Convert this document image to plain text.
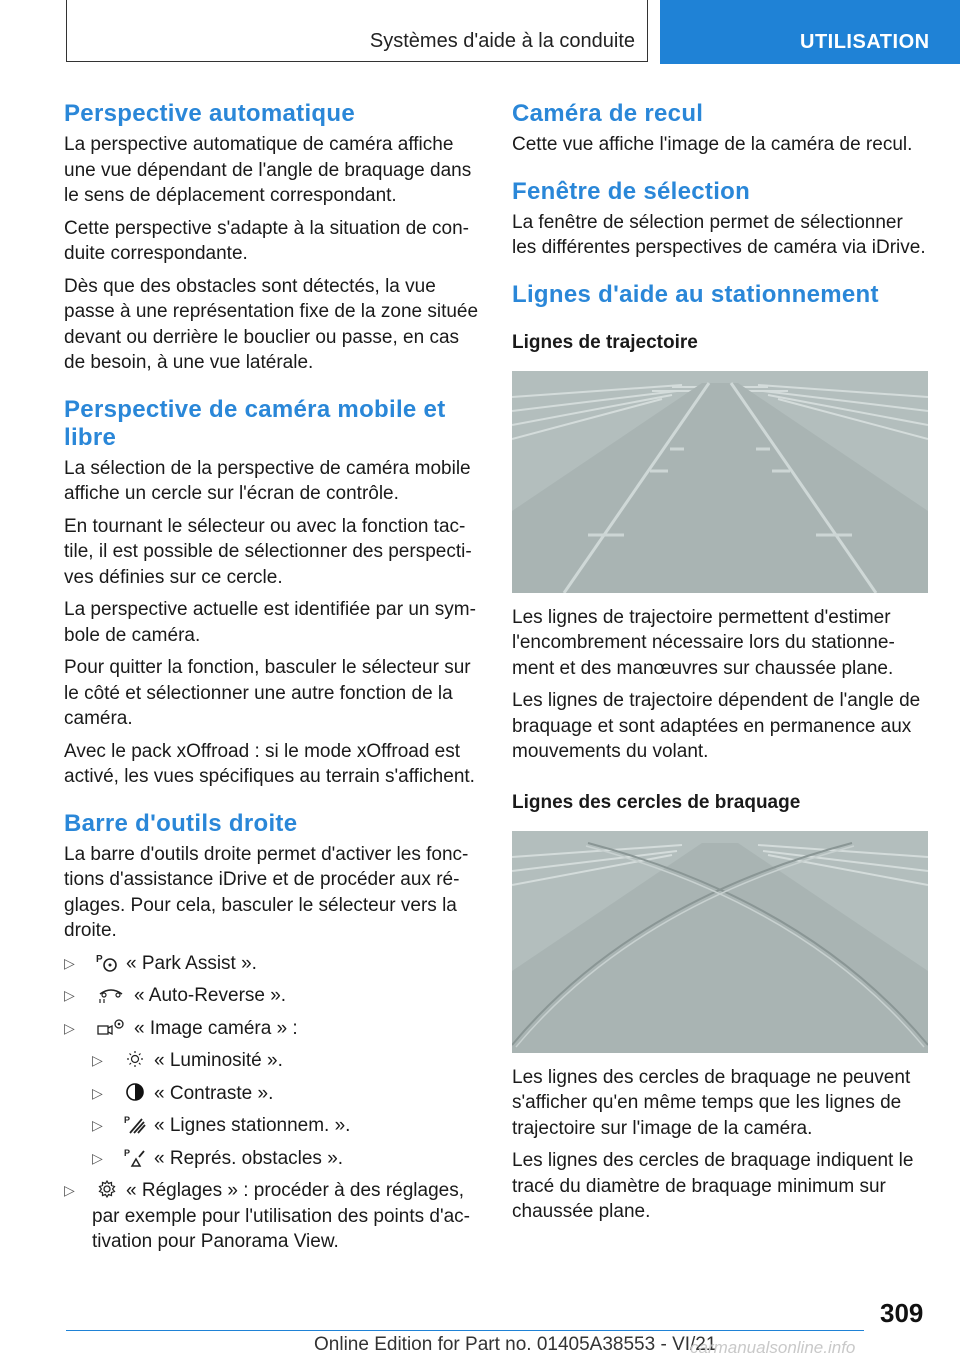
Systèmes d'aide à la conduite	UTILISATION
Perspective automatique

La perspective automatique de caméra affiche une vue dépendant de l'angle de braquage dans le sens de déplacement correspondant.

Cette perspective s'adapte à la situation de conduite correspondante.

Dès que des obstacles sont détectés, la vue passe à une représentation fixe de la zone située devant ou derrière le bouclier ou passe, en cas de besoin, à une vue latérale.

Perspective de caméra mobile et libre

La sélection de la perspective de caméra mobile affiche un cercle sur l'écran de contrôle.

En tournant le sélecteur ou avec la fonction tactile, il est possible de sélectionner des perspectives définies sur ce cercle.

La perspective actuelle est identifiée par un symbole de caméra.

Pour quitter la fonction, basculer le sélecteur sur le côté et sélectionner une autre fonction de la caméra.

Avec le pack xOffroad : si le mode xOffroad est activé, les vues spécifiques au terrain s'affichent.

Barre d'outils droite

La barre d'outils droite permet d'activer les fonctions d'assistance iDrive et de procéder aux réglages. Pour cela, basculer le sélecteur vers la droite.

▷ P « Park Assist ».
▷	« Auto-Reverse ».
▷	« Image caméra » :
▷	« Luminosité ».
▷	« Contraste ».
▷ P « Lignes stationnem. ».
▷ P « Représ. obstacles ».
▷	« Réglages » : procéder à des réglages, par exemple pour l'utilisation des points d'activation pour Panorama View.
Caméra de recul

Cette vue affiche l'image de la caméra de recul.

Fenêtre de sélection

La fenêtre de sélection permet de sélectionner les différentes perspectives de caméra via iDrive.

Lignes d'aide au stationnement
Lignes de trajectoire

Les lignes de trajectoire permettent d'estimer l'encombrement nécessaire lors du stationnement et des manœuvres sur chaussée plane.

Les lignes de trajectoire dépendent de l'angle de braquage et sont adaptées en permanence aux mouvements du volant.

Lignes des cercles de braquage

Les lignes des cercles de braquage ne peuvent s'afficher qu'en même temps que les lignes de trajectoire sur l'image de la caméra.

Les lignes des cercles de braquage indiquent le tracé du diamètre de braquage minimum sur chaussée plane.

309
Online Edition for Part no. 01405A38553 - VI/21
carmanualsonline.info
